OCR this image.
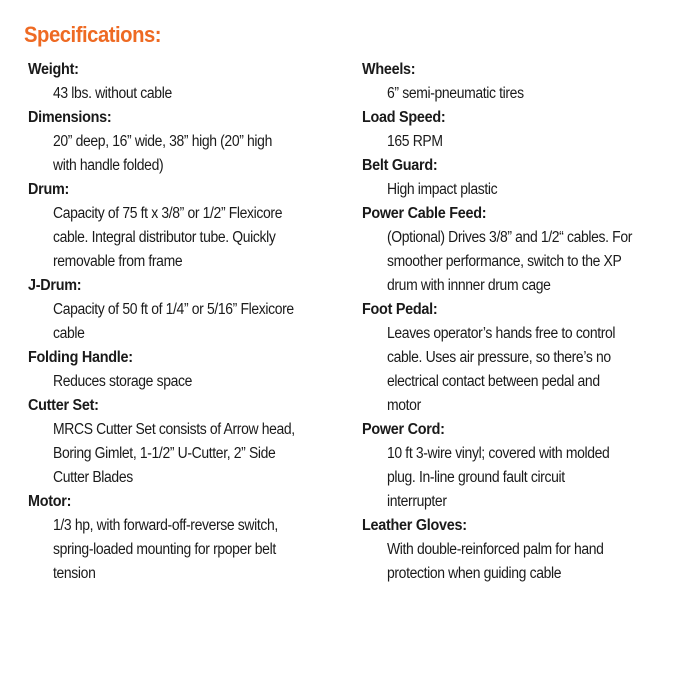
Specifications:
Weight:
43 lbs. without cable
Dimensions:
20” deep, 16” wide, 38” high (20” high
with handle folded)
Drum:
Capacity of 75 ft x 3/8” or 1/2” Flexicore
cable. Integral distributor tube. Quickly
removable from frame
J-Drum:
Capacity of 50 ft of 1/4” or 5/16” Flexicore
cable
Folding Handle:
Reduces storage space
Cutter Set:
MRCS Cutter Set consists of Arrow head,
Boring Gimlet, 1-1/2” U-Cutter, 2” Side
Cutter Blades
Motor:
1/3 hp, with forward-off-reverse switch,
spring-loaded mounting for rpoper belt
tension
Wheels:
6” semi-pneumatic tires
Load Speed:
165 RPM
Belt Guard:
High impact plastic
Power Cable Feed:
(Optional) Drives 3/8” and 1/2“ cables. For
smoother performance, switch to the XP
drum with innner drum cage
Foot Pedal:
Leaves operator’s hands free to control
cable. Uses air pressure, so there’s no
electrical contact between pedal and
motor
Power Cord:
10 ft 3-wire vinyl; covered with molded
plug. In-line ground fault circuit
interrupter
Leather Gloves:
With double-reinforced palm for hand
protection when guiding cable
